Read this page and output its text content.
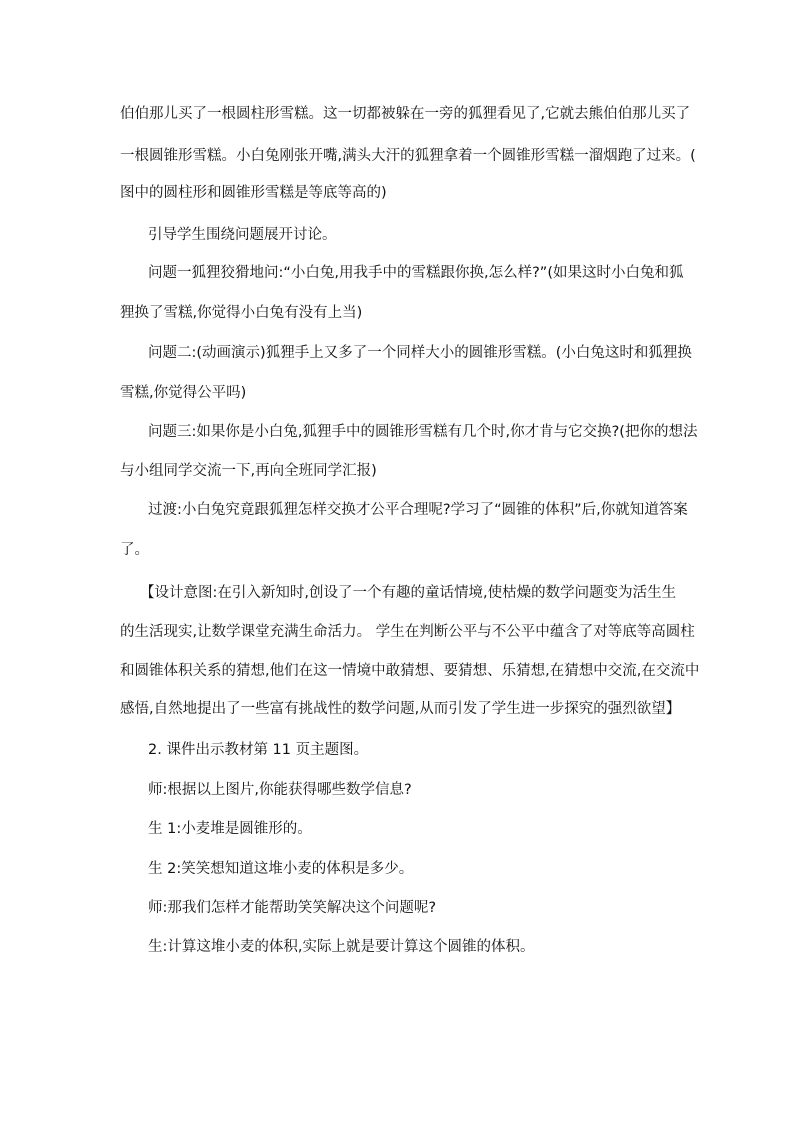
伯伯那儿买了一根圆柱形雪糕。这一切都被躲在一旁的狐狸看见了,它就去熊伯伯那儿买了
一根圆锥形雪糕。小白兔刚张开嘴,满头大汗的狐狸拿着一个圆锥形雪糕一溜烟跑了过来。(
图中的圆柱形和圆锥形雪糕是等底等高的)
引导学生围绕问题展开讨论。
问题一狐狸狡猾地问:“小白兔,用我手中的雪糕跟你换,怎么样?”(如果这时小白兔和狐
狸换了雪糕,你觉得小白兔有没有上当)
问题二:(动画演示)狐狸手上又多了一个同样大小的圆锥形雪糕。(小白兔这时和狐狸换
雪糕,你觉得公平吗)
问题三:如果你是小白兔,狐狸手中的圆锥形雪糕有几个时,你才肯与它交换?(把你的想法
与小组同学交流一下,再向全班同学汇报)
过渡:小白兔究竟跟狐狸怎样交换才公平合理呢?学习了“圆锥的体积”后,你就知道答案
了。
【设计意图:在引入新知时,创设了一个有趣的童话情境,使枯燥的数学问题变为活生生
的生活现实,让数学课堂充满生命活力。 学生在判断公平与不公平中蕴含了对等底等高圆柱
和圆锥体积关系的猜想,他们在这一情境中敢猜想、要猜想、乐猜想,在猜想中交流,在交流中
感悟,自然地提出了一些富有挑战性的数学问题,从而引发了学生进一步探究的强烈欲望】
2. 课件出示教材第 11 页主题图。
师:根据以上图片,你能获得哪些数学信息?
生 1:小麦堆是圆锥形的。
生 2:笑笑想知道这堆小麦的体积是多少。
师:那我们怎样才能帮助笑笑解决这个问题呢?
生:计算这堆小麦的体积,实际上就是要计算这个圆锥的体积。
